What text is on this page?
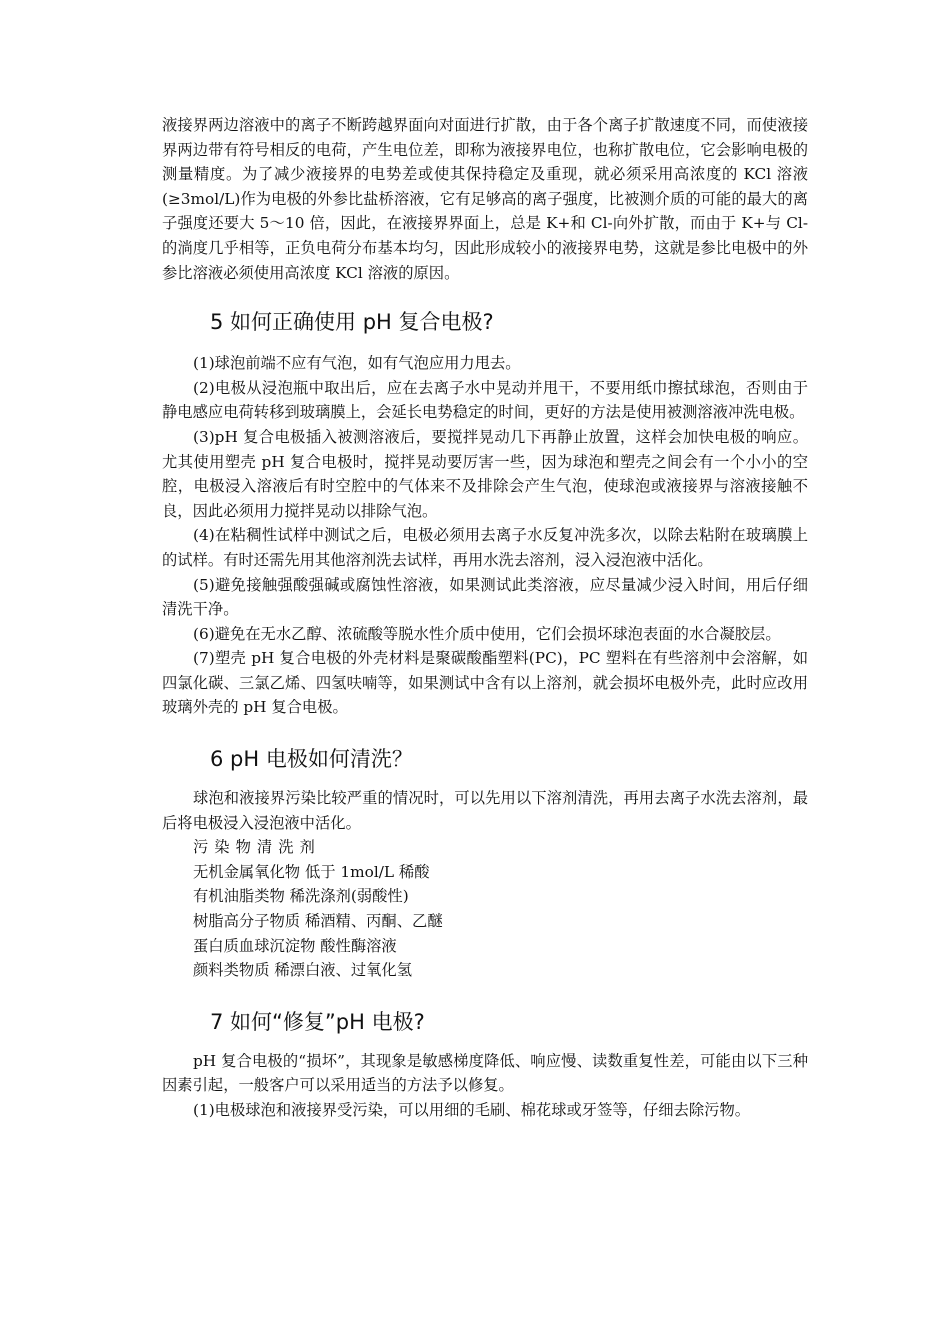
液接界两边溶液中的离子不断跨越界面向对面进行扩散，由于各个离子扩散速度不同，而使液接界两边带有符号相反的电荷，产生电位差，即称为液接界电位，也称扩散电位，它会影响电极的测量精度。为了减少液接界的电势差或使其保持稳定及重现，就必须采用高浓度的 KCl 溶液(≥3mol/L)作为电极的外参比盐桥溶液，它有足够高的离子强度，比被测介质的可能的最大的离子强度还要大 5～10 倍，因此，在液接界界面上，总是 K+和 Cl-向外扩散，而由于 K+与 Cl-的淌度几乎相等，正负电荷分布基本均匀，因此形成较小的液接界电势，这就是参比电极中的外参比溶液必须使用高浓度 KCl 溶液的原因。

5 如何正确使用 pH 复合电极?

(1)球泡前端不应有气泡，如有气泡应用力甩去。

(2)电极从浸泡瓶中取出后，应在去离子水中晃动并甩干，不要用纸巾擦拭球泡，否则由于静电感应电荷转移到玻璃膜上，会延长电势稳定的时间，更好的方法是使用被测溶液冲洗电极。

(3)pH 复合电极插入被测溶液后，要搅拌晃动几下再静止放置，这样会加快电极的响应。尤其使用塑壳 pH 复合电极时，搅拌晃动要厉害一些，因为球泡和塑壳之间会有一个小小的空腔，电极浸入溶液后有时空腔中的气体来不及排除会产生气泡，使球泡或液接界与溶液接触不良，因此必须用力搅拌晃动以排除气泡。

(4)在粘稠性试样中测试之后，电极必须用去离子水反复冲洗多次，以除去粘附在玻璃膜上的试样。有时还需先用其他溶剂洗去试样，再用水洗去溶剂，浸入浸泡液中活化。

(5)避免接触强酸强碱或腐蚀性溶液，如果测试此类溶液，应尽量减少浸入时间，用后仔细清洗干净。

(6)避免在无水乙醇、浓硫酸等脱水性介质中使用，它们会损坏球泡表面的水合凝胶层。

(7)塑壳 pH 复合电极的外壳材料是聚碳酸酯塑料(PC)，PC 塑料在有些溶剂中会溶解，如四氯化碳、三氯乙烯、四氢呋喃等，如果测试中含有以上溶剂，就会损坏电极外壳，此时应改用玻璃外壳的 pH 复合电极。

6 pH 电极如何清洗？

球泡和液接界污染比较严重的情况时，可以先用以下溶剂清洗，再用去离子水洗去溶剂，最后将电极浸入浸泡液中活化。

污染物清洗剂
无机金属氧化物 低于 1mol/L 稀酸
有机油脂类物 稀洗涤剂(弱酸性)
树脂高分子物质 稀酒精、丙酮、乙醚
蛋白质血球沉淀物 酸性酶溶液
颜料类物质 稀漂白液、过氧化氢
7 如何“修复”pH 电极?

pH 复合电极的“损坏”，其现象是敏感梯度降低、响应慢、读数重复性差，可能由以下三种因素引起，一般客户可以采用适当的方法予以修复。

(1)电极球泡和液接界受污染，可以用细的毛刷、棉花球或牙签等，仔细去除污物。
